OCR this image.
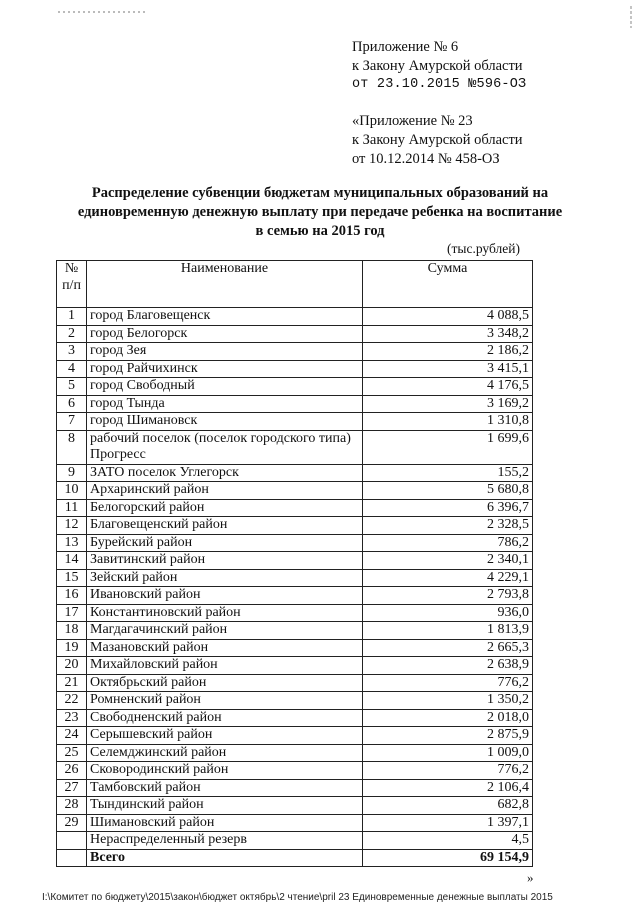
Приложение № 6
к Закону Амурской области
от 23.10.2015 №596-ОЗ
«Приложение № 23
к Закону Амурской области
от 10.12.2014 № 458-ОЗ
Распределение субвенции бюджетам муниципальных образований на
единовременную денежную выплату при передаче ребенка на воспитание
в семью на 2015 год
(тыс.рублей)
№ п/п	Наименование	Сумма
1	город Благовещенск	4 088,5
2	город Белогорск	3 348,2
3	город Зея	2 186,2
4	город Райчихинск	3 415,1
5	город Свободный	4 176,5
6	город Тында	3 169,2
7	город Шимановск	1 310,8
8	рабочий поселок (поселок городского типа) Прогресс	1 699,6
9	ЗАТО поселок Углегорск	155,2
10	Архаринский район	5 680,8
11	Белогорский район	6 396,7
12	Благовещенский район	2 328,5
13	Бурейский район	786,2
14	Завитинский район	2 340,1
15	Зейский район	4 229,1
16	Ивановский район	2 793,8
17	Константиновский район	936,0
18	Магдагачинский район	1 813,9
19	Мазановский район	2 665,3
20	Михайловский район	2 638,9
21	Октябрьский район	776,2
22	Ромненский район	1 350,2
23	Свободненский район	2 018,0
24	Серышевский район	2 875,9
25	Селемджинский район	1 009,0
26	Сковородинский район	776,2
27	Тамбовский район	2 106,4
28	Тындинский район	682,8
29	Шимановский район	1 397,1
	Нераспределенный резерв	4,5
	Всего	69 154,9
»
I:\Комитет по бюджету\2015\закон\бюджет октябрь\2 чтение\pril 23 Единовременные денежные выплаты 2015
